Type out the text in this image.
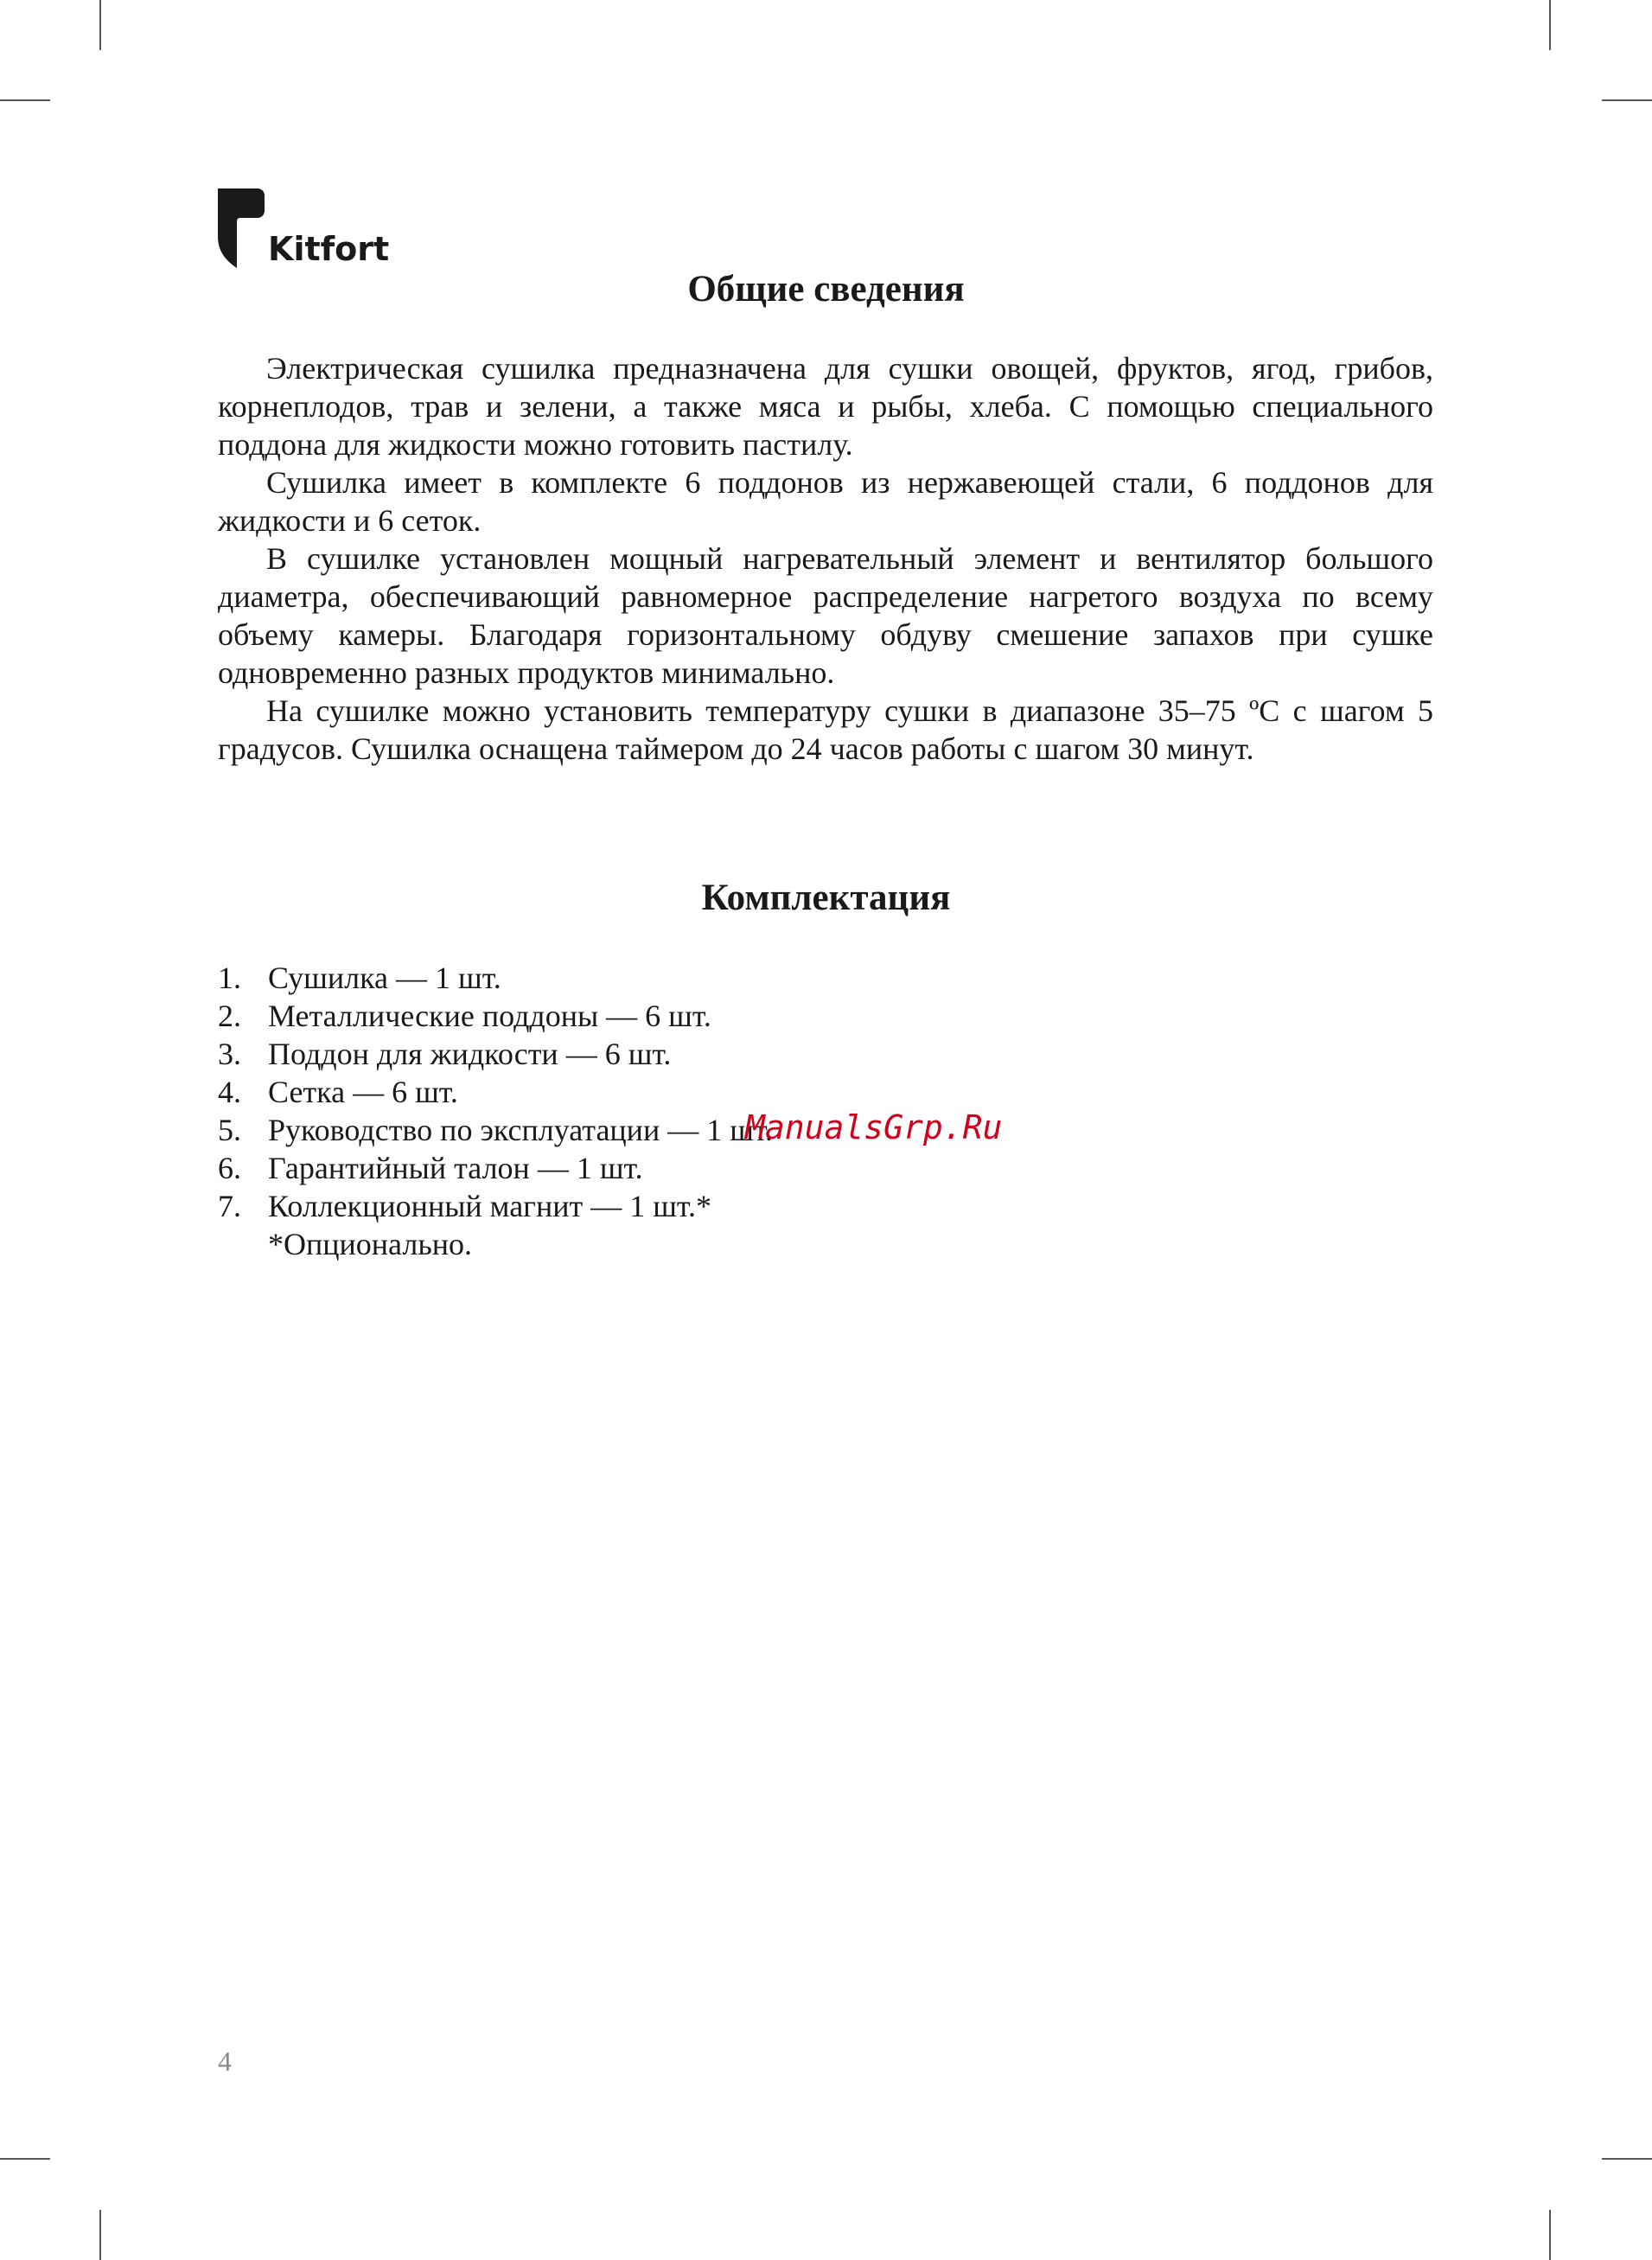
Kitfort
Общие сведения

Электрическая сушилка предназначена для сушки овощей, фруктов, ягод, грибов, корнеплодов, трав и зелени, а также мяса и рыбы, хлеба. С помощью специального поддона для жидкости можно готовить пастилу.

Сушилка имеет в комплекте 6 поддонов из нержавеющей стали, 6 поддонов для жидкости и 6 сеток.

В сушилке установлен мощный нагревательный элемент и вентилятор большого диаметра, обеспечивающий равномерное распределение нагретого воздуха по всему объему камеры. Благодаря горизонтальному обдуву смешение запахов при сушке одновременно разных продуктов минимально.

На сушилке можно установить температуру сушки в диапазоне 35–75 ºС с шагом 5 градусов. Сушилка оснащена таймером до 24 часов работы с шагом 30 минут.

Комплектация
1. Сушилка — 1 шт.
2. Металлические поддоны — 6 шт.
3. Поддон для жидкости — 6 шт.
4. Сетка — 6 шт.
5. Руководство по эксплуатации — 1 шт.
6. Гарантийный талон — 1 шт.
7. Коллекционный магнит — 1 шт.*
*Опционально.
ManualsGrp.Ru
4
